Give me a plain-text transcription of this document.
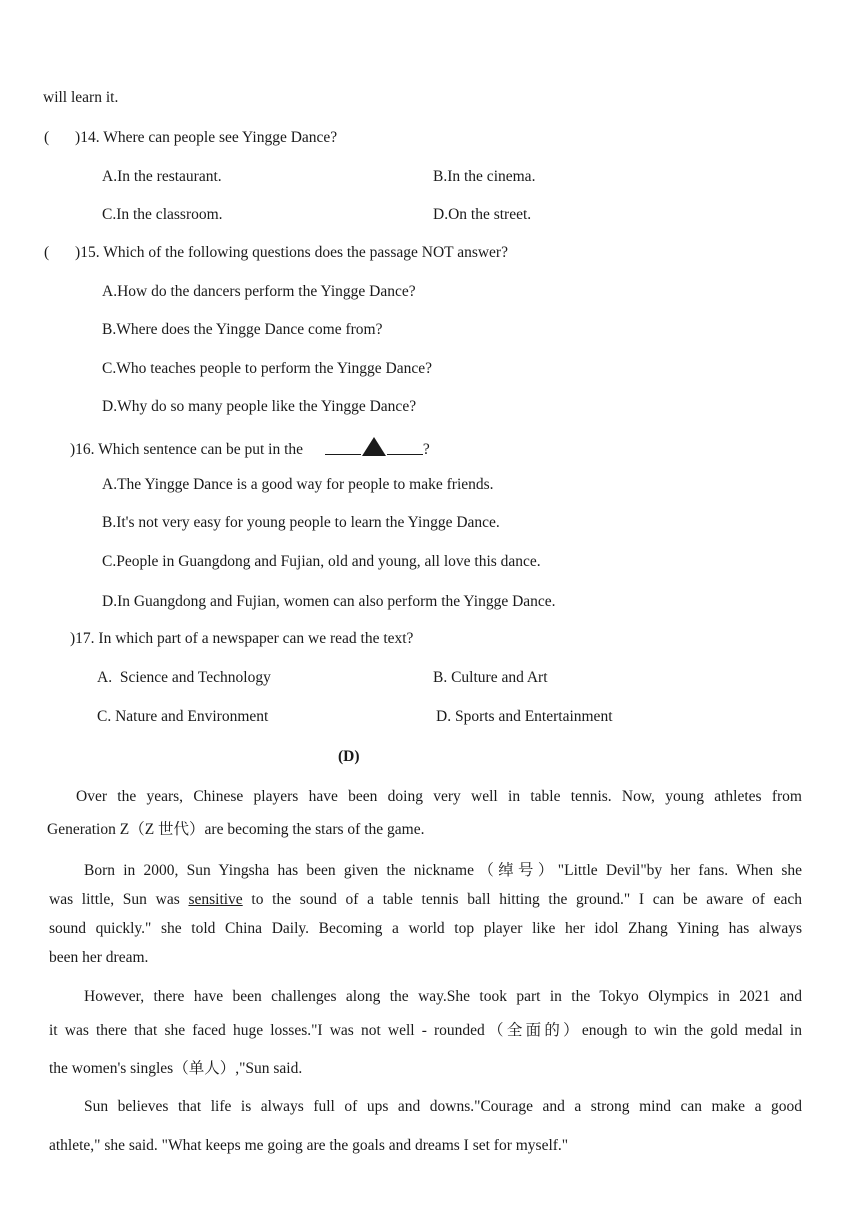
will learn it.
( )14. Where can people see Yingge Dance?
A.In the restaurant.	B.In the cinema.
C.In the classroom.	D.On the street.
( )15. Which of the following questions does the passage NOT answer?
A.How do the dancers perform the Yingge Dance?
B.Where does the Yingge Dance come from?
C.Who teaches people to perform the Yingge Dance?
D.Why do so many people like the Yingge Dance?
)16. Which sentence can be put in the	?
A.The Yingge Dance is a good way for people to make friends.
B.It's not very easy for young people to learn the Yingge Dance.
C.People in Guangdong and Fujian, old and young, all love this dance.
D.In Guangdong and Fujian, women can also perform the Yingge Dance.
)17. In which part of a newspaper can we read the text?
A.  Science and Technology	B. Culture and Art
C. Nature and Environment	D. Sports and Entertainment
(D)
Over the years, Chinese players have been doing very well in table tennis. Now, young athletes from
Generation Z（Z 世代）are becoming the stars of the game.
Born in 2000, Sun Yingsha has been given the nickname（绰号）"Little Devil"by her fans. When she
was little, Sun was sensitive to the sound of a table tennis ball hitting the ground." I can be aware of each
sound quickly." she told China Daily. Becoming a world top player like her idol Zhang Yining has always
been her dream.
However, there have been challenges along the way.She took part in the Tokyo Olympics in 2021 and
it was there that she faced huge losses."I was not well - rounded（全面的）enough to win the gold medal in
the women's singles（单人）,"Sun said.
Sun believes that life is always full of ups and downs."Courage and a strong mind can make a good
athlete," she said. "What keeps me going are the goals and dreams I set for myself."
